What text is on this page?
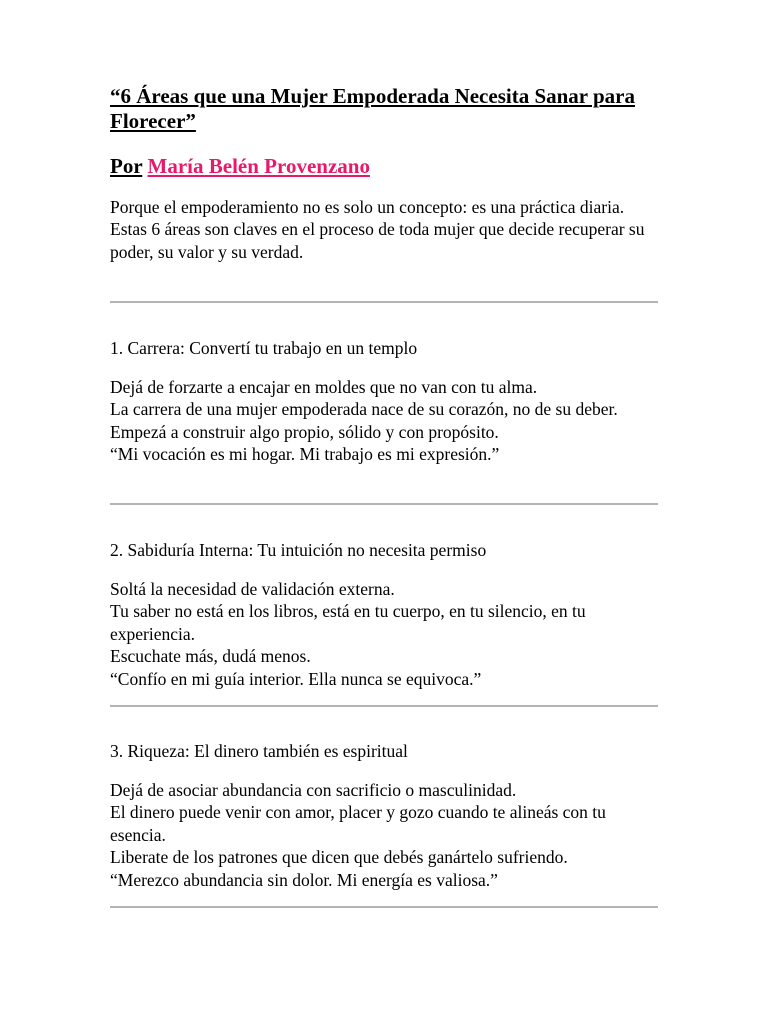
“6 Áreas que una Mujer Empoderada Necesita Sanar para Florecer”
Por María Belén Provenzano

Porque el empoderamiento no es solo un concepto: es una práctica diaria.

Estas 6 áreas son claves en el proceso de toda mujer que decide recuperar su poder, su valor y su verdad.

1. Carrera: Convertí tu trabajo en un templo

Dejá de forzarte a encajar en moldes que no van con tu alma.

La carrera de una mujer empoderada nace de su corazón, no de su deber.

Empezá a construir algo propio, sólido y con propósito.

“Mi vocación es mi hogar. Mi trabajo es mi expresión.”

2. Sabiduría Interna: Tu intuición no necesita permiso

Soltá la necesidad de validación externa.

Tu saber no está en los libros, está en tu cuerpo, en tu silencio, en tu experiencia.

Escuchate más, dudá menos.

“Confío en mi guía interior. Ella nunca se equivoca.”

3. Riqueza: El dinero también es espiritual

Dejá de asociar abundancia con sacrificio o masculinidad.

El dinero puede venir con amor, placer y gozo cuando te alineás con tu esencia.

Liberate de los patrones que dicen que debés ganártelo sufriendo.

“Merezco abundancia sin dolor. Mi energía es valiosa.”
